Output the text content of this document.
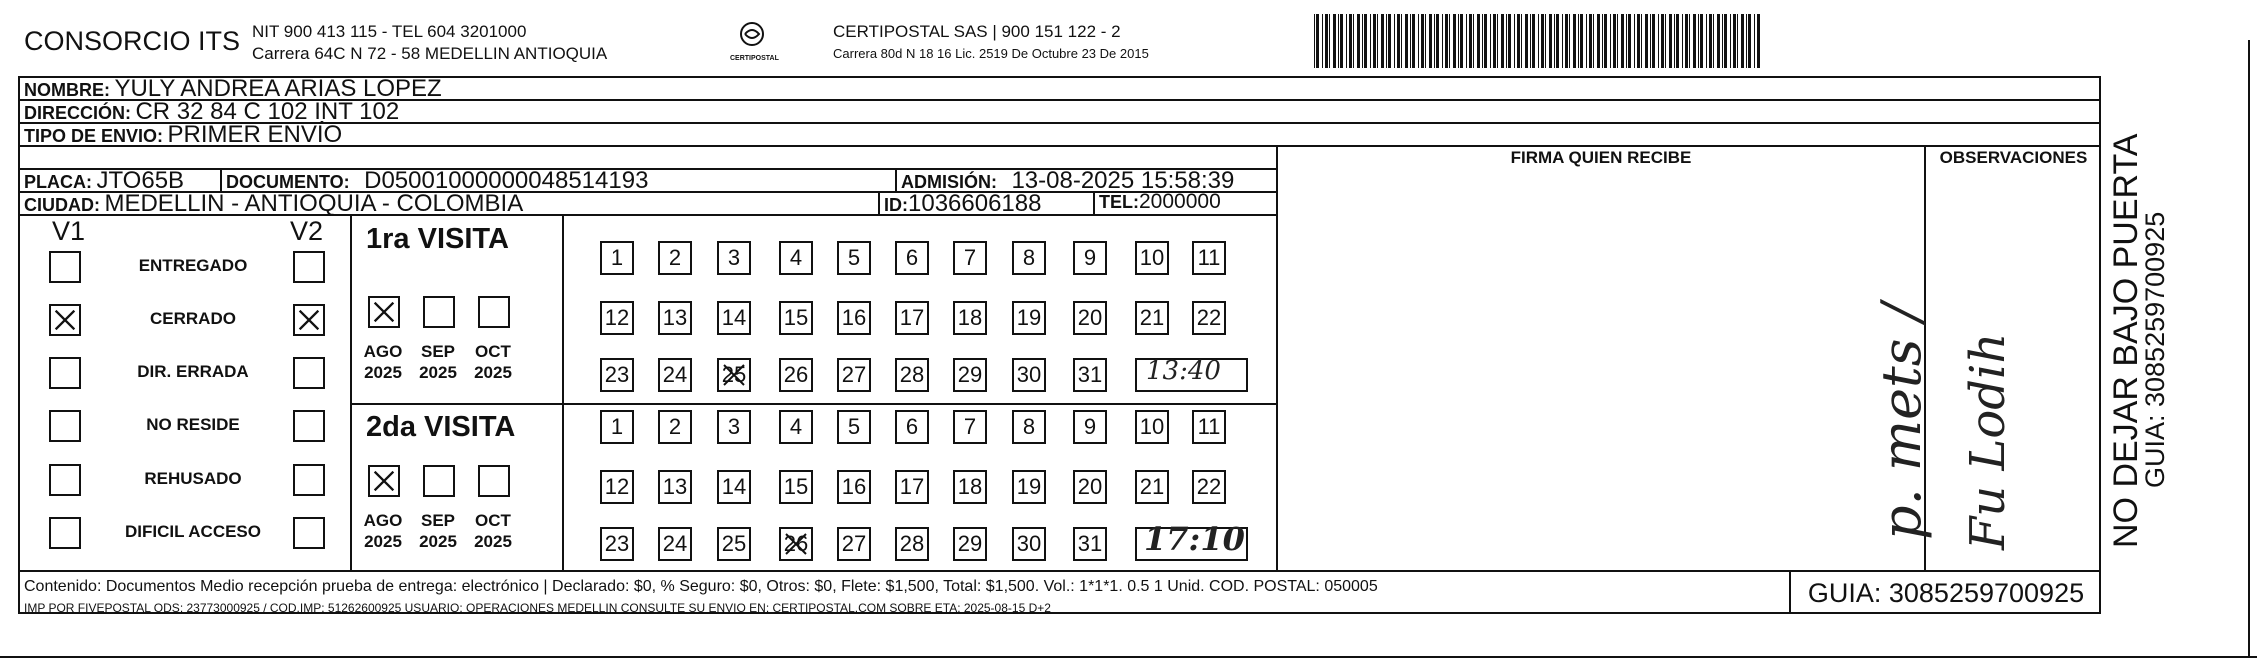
CONSORCIO ITS NIT 900 413 115 - TEL 604 3201000
Carrera 64C N 72 - 58 MEDELLIN ANTIOQUIA	CERTIPOSTAL
CERTIPOSTAL SAS | 900 151 122 - 2
Carrera 80d N 18 16 Lic. 2519 De Octubre 23 De 2015
NOMBRE: YULY ANDREA ARIAS LOPEZ
DIRECCIÓN: CR 32 84 C 102 INT 102
TIPO DE ENVIO: PRIMER ENVÍO
FIRMA QUIEN RECIBE	OBSERVACIONES
PLACA: JTO65B DOCUMENTO: D05001000000048514193	ADMISIÓN: 13-08-2025 15:58:39
CIUDAD: MEDELLIN - ANTIOQUIA - COLOMBIA	ID:1036606188	TEL:2000000
V1	V2
ENTREGADO
CERRADO
DIR. ERRADA
NO RESIDE
REHUSADO
DIFICIL ACCESO
1ra VISITA
2da VISITA
AGO
2025
SEP
2025
OCT
2025
1	2	3	4	5	6	7	8	9	10 11
12 13 14 15 16 17 18 19 20 21 22
23 24 25 26 27 28 29 30 31
AGO
2025
SEP
2025
OCT
2025
1	2	3	4	5	6	7	8	9	10 11
12 13 14 15 16 17 18 19 20 21 22
23 24 25 26 27 28 29 30 31
13:40
17:10	p. mets / Fu Lodih
Contenido: Documentos Medio recepción prueba de entrega: electrónico | Declarado: $0, % Seguro: $0, Otros: $0, Flete: $1,500, Total: $1,500. Vol.: 1*1*1. 0.5 1 Unid. COD. POSTAL: 050005
IMP POR FIVEPOSTAL ODS: 23773000925 / COD.IMP: 51262600925 USUARIO: OPERACIONES MEDELLIN CONSULTE SU ENVIO EN: CERTIPOSTAL.COM SOBRE ETA: 2025-08-15 D+2	GUIA: 3085259700925
NO DEJAR BAJO PUERTA
GUIA: 3085259700925
